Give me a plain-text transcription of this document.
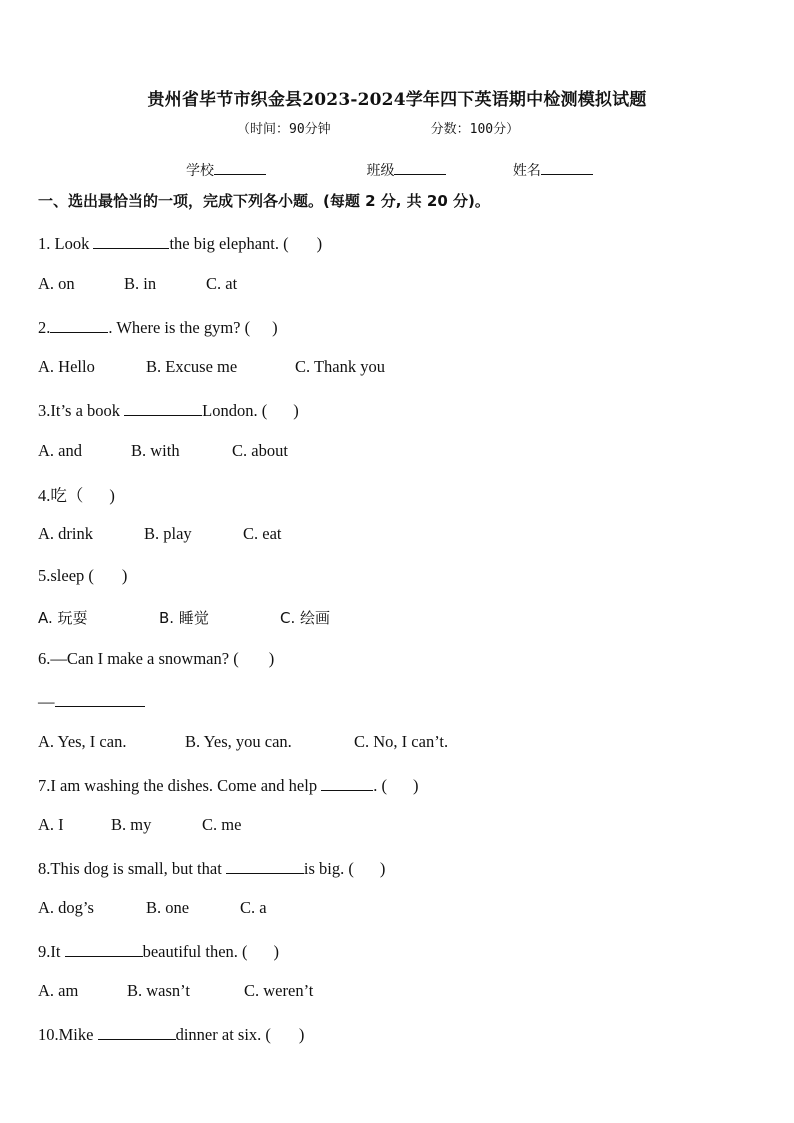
贵州省毕节市织金县2023-2024学年四下英语期中检测模拟试题
（时间：90分钟	分数：100分）
学校	班级	姓名
一、选出最恰当的一项，完成下列各小题。(每题 2 分, 共 20 分)。
1. Look	the big elephant. ( )
A. on	B. in	C. at
2.	. Where is the gym? ( )
A. Hello	B. Excuse me	C. Thank you
3.It’s a book	London. ( )
A. and	B. with	C. about
4.吃（ )
A. drink	B. play	C. eat
5.sleep ( )
A. 玩耍	B. 睡觉	C. 绘画
6.—Can I make a snowman? ( )
—
A. Yes, I can.	B. Yes, you can.	C. No, I can’t.
7.I am washing the dishes. Come and help	. ( )
A. I	B. my	C. me
8.This dog is small, but that	is big. ( )
A. dog’s	B. one	C. a
9.It	beautiful then. ( )
A. am	B. wasn’t	C. weren’t
10.Mike	dinner at six. ( )
